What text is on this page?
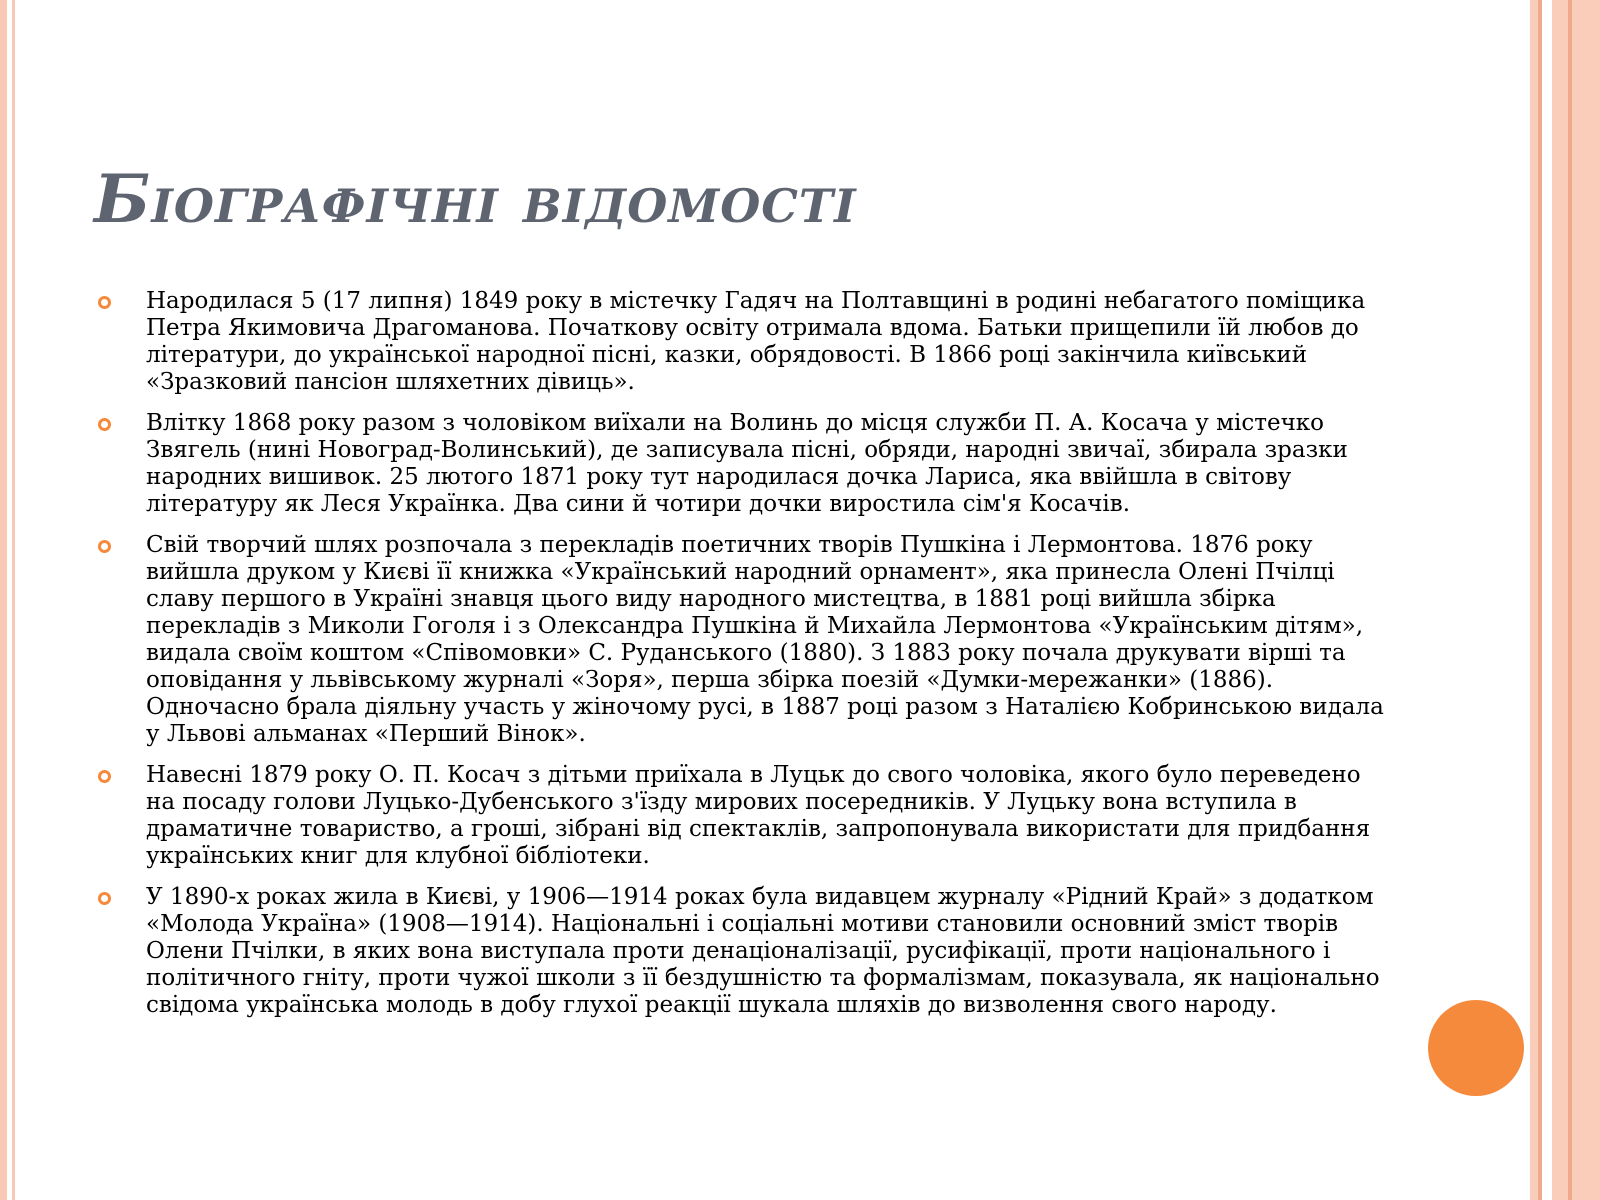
Біографічні відомості
Народилася 5 (17 липня) 1849 року в містечку Гадяч на Полтавщині в родині небагатого поміщика Петра Якимовича Драгоманова. Початкову освіту отримала вдома. Батьки прищепили їй любов до літератури, до української народної пісні, казки, обрядовості. В 1866 році закінчила київський «Зразковий пансіон шляхетних дівиць».
Влітку 1868 року разом з чоловіком виїхали на Волинь до місця служби П. А. Косача у містечко Звягель (нині Новоград-Волинський), де записувала пісні, обряди, народні звичаї, збирала зразки народних вишивок. 25 лютого 1871 року тут народилася дочка Лариса, яка ввійшла в світову літературу як Леся Українка. Два сини й чотири дочки виростила сім'я Косачів.
Свій творчий шлях розпочала з перекладів поетичних творів Пушкіна і Лермонтова. 1876 року вийшла друком у Києві її книжка «Український народний орнамент», яка принесла Олені Пчілці славу першого в Україні знавця цього виду народного мистецтва, в 1881 році вийшла збірка перекладів з Миколи Гоголя і з Олександра Пушкіна й Михайла Лермонтова «Українським дітям», видала своїм коштом «Співомовки» С. Руданського (1880). З 1883 року почала друкувати вірші та оповідання у львівському журналі «Зоря», перша збірка поезій «Думки-мережанки» (1886). Одночасно брала діяльну участь у жіночому русі, в 1887 році разом з Наталією Кобринською видала у Львові альманах «Перший Вінок».
Навесні 1879 року О. П. Косач з дітьми приїхала в Луцьк до свого чоловіка, якого було переведено на посаду голови Луцько-Дубенського з'їзду мирових посередників. У Луцьку вона вступила в драматичне товариство, а гроші, зібрані від спектаклів, запропонувала використати для придбання українських книг для клубної бібліотеки.
У 1890-х роках жила в Києві, у 1906—1914 роках була видавцем журналу «Рідний Край» з додатком «Молода Україна» (1908—1914). Національні і соціальні мотиви становили основний зміст творів Олени Пчілки, в яких вона виступала проти денаціоналізації, русифікації, проти національного і політичного гніту, проти чужої школи з її бездушністю та формалізмам, показувала, як національно свідома українська молодь в добу глухої реакції шукала шляхів до визволення свого народу.
